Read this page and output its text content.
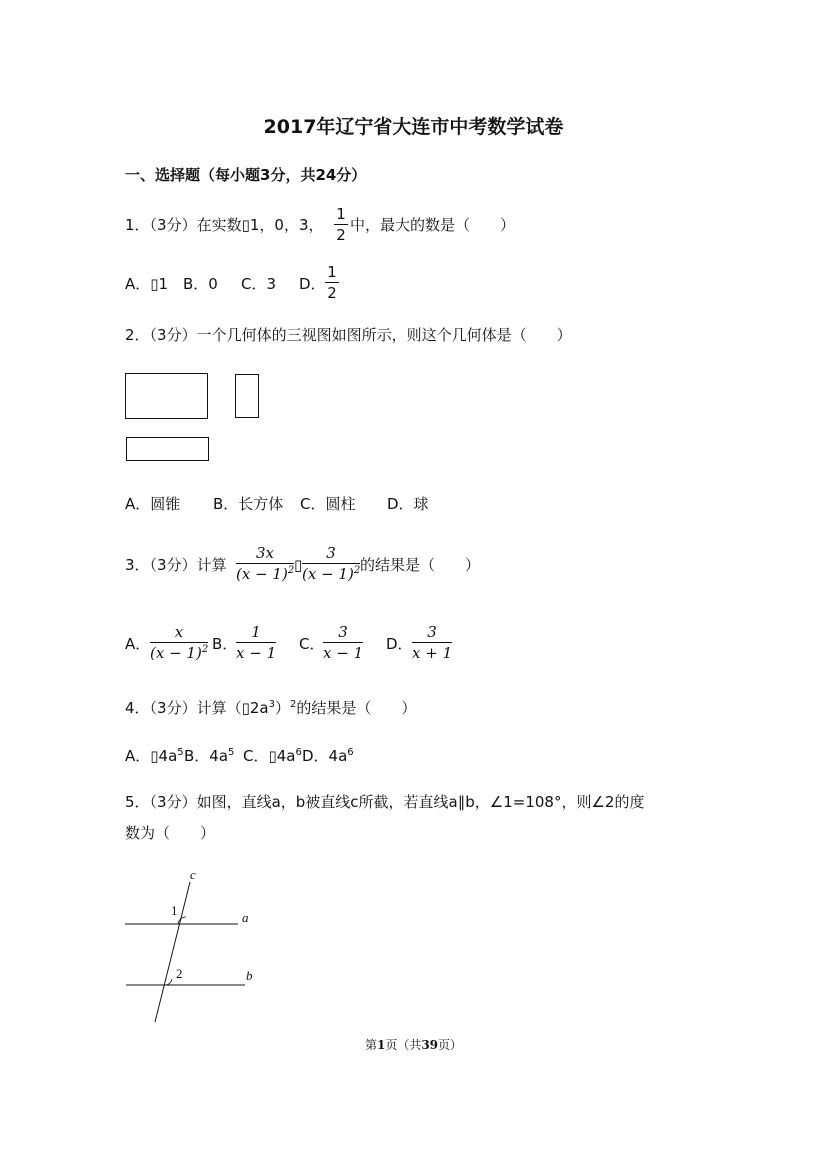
2017年辽宁省大连市中考数学试卷
一、选择题（每小题3分，共24分）
1．（3分）在实数▯1，0，3，
1
2
中，最大的数是（　　）
A．▯1 B．0 C．3 D．
1
2
2．（3分）一个几何体的三视图如图所示，则这个几何体是（　　）
A．圆锥 B．长方体 C．圆柱 D．球
3．（3分）计算
3x
$(x - 1)^2$ ▯
3
$(x - 1)^2$ 的结果是（　　）
A．
x
$(x - 1)^2$ B．
1
x − 1 C．
3
x − 1 D．
3
x + 1
4．（3分）计算$(▯2a^3)^2$的结果是（　　）
A．$▯4a^5$ B．$4a^5$ C．$▯4a^6$ D．$4a^6$
5．（3分）如图，直线a，b被直线c所截，若直线a∥b，∠1=108°，则∠2的度
数为（　　）
c
a
b
1
2
第1页（共39页）
